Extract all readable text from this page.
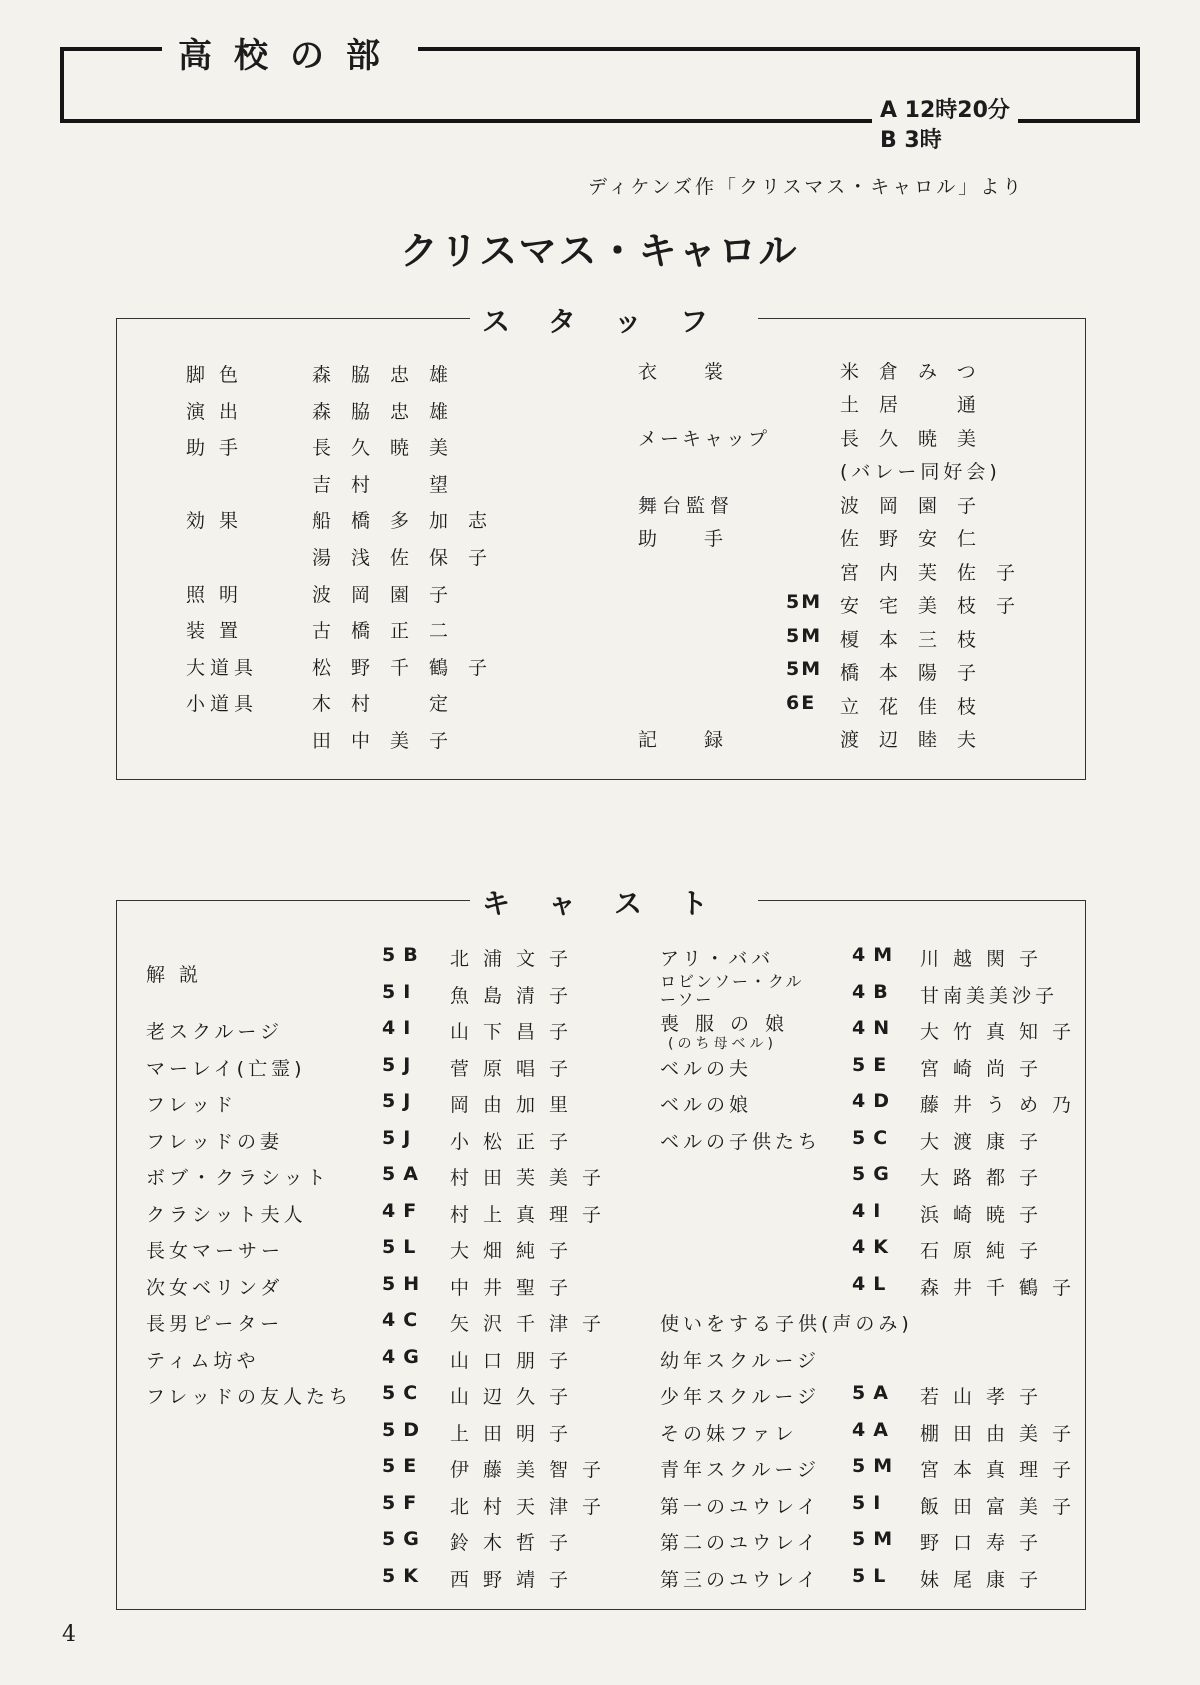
高校の部
A 12時20分
B 3時
ディケンズ作「クリスマス・キャロル」より
クリスマス・キャロル
スタッフ
脚色	森脇忠雄
演出	森脇忠雄
助手	長久暁美
吉村　望
効果	船橋多加志
湯浅佐保子
照明	波岡園子
装置	古橋正二
大道具	松野千鶴子
小道具	木村　定
田中美子
衣　裳	米倉みつ
土居　通
メーキャップ	長久暁美
(バレー同好会)
舞台監督	波岡園子
助　手	佐野安仁
宮内芙佐子
5M 安宅美枝子
5M 榎本三枝
5M 橋本陽子
6E 立花佳枝
記　録	渡辺睦夫
キャスト
解説
5B 北浦文子
5I 魚島清子
老スクルージ	4I 山下昌子
マーレイ(亡霊)	5J 菅原唱子
フレッド	5J 岡由加里
フレッドの妻	5J 小松正子
ボブ・クラシット	5A 村田芙美子
クラシット夫人	4F 村上真理子
長女マーサー	5L 大畑純子
次女ベリンダ	5H 中井聖子
長男ピーター	4C 矢沢千津子
ティム坊や	4G 山口朋子
フレッドの友人たち 5C 山辺久子
5D 上田明子
5E 伊藤美智子
5F 北村天津子
5G 鈴木哲子
5K 西野靖子
アリ・ババ	4M 川越関子
ロビンソー・クルーソー	4B 甘南美美沙子
喪服の娘	4N 大竹真知子
ベルの夫	5E 宮崎尚子
ベルの娘	4D 藤井うめ乃
ベルの子供たち 5C 大渡康子
5G 大路都子
4I 浜崎暁子
4K 石原純子
4L 森井千鶴子
使いをする子供(声のみ)
幼年スクルージ
少年スクルージ 5A 若山孝子
その妹ファレ	4A 棚田由美子
青年スクルージ 5M 宮本真理子
第一のユウレイ 5I 飯田富美子
第二のユウレイ 5M 野口寿子
第三のユウレイ 5L 妹尾康子
(のち母ベル)
4
